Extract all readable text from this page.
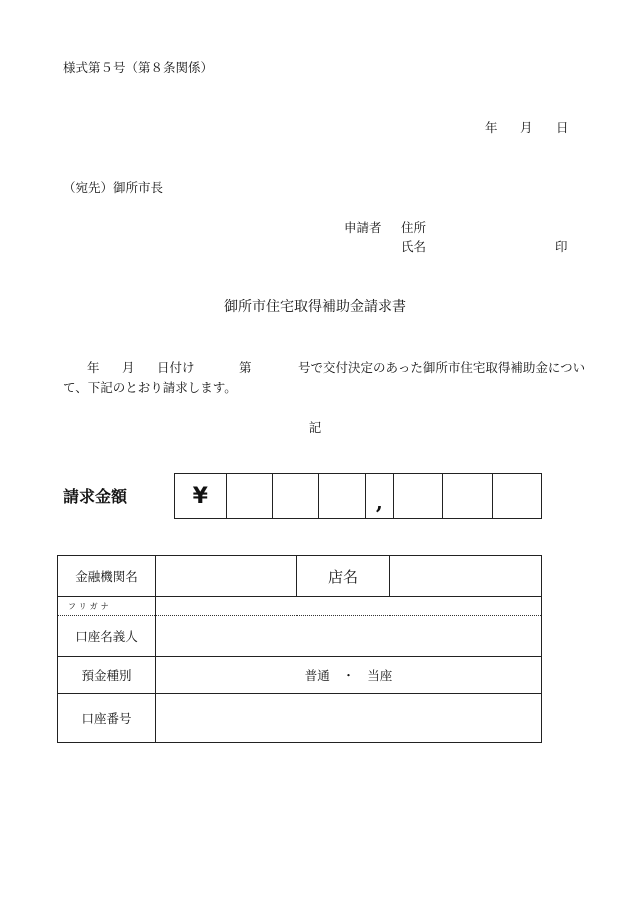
様式第５号（第８条関係）
年 月 日
（宛先）御所市長
申請者 住所
氏名	印
御所市住宅取得補助金請求書
年 月 日付け	第	号で交付決定のあった御所市住宅取得補助金につい
て、下記のとおり請求します。
記
請求金額	¥				,			
金融機関名		店名	
フリガナ			
口座名義人			
預金種別	普通　・　当座		
口座番号			
